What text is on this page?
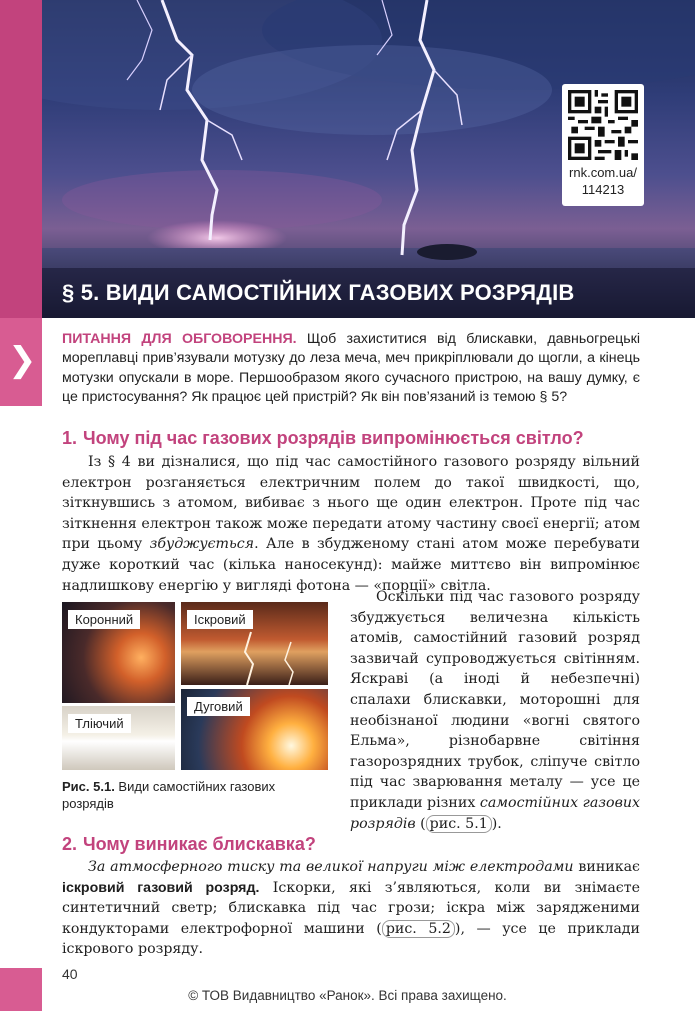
❯
rnk.com.ua/
114213
§ 5. ВИДИ САМОСТІЙНИХ ГАЗОВИХ РОЗРЯДІВ
ПИТАННЯ ДЛЯ ОБГОВОРЕННЯ. Щоб захиститися від блискавки, давньогрецькі мореплавці прив’язували мотузку до леза меча, меч прикріплювали до щогли, а кінець мотузки опускали в море. Першообразом якого сучасного пристрою, на вашу думку, є це пристосування? Як працює цей пристрій? Як він пов’язаний із темою § 5?
1. Чому під час газових розрядів випромінюється світло?
Із § 4 ви дізналися, що під час самостійного газового розряду вільний електрон розганяється електричним полем до такої швидкості, що, зіткнувшись з атомом, вибиває з нього ще один електрон. Проте під час зіткнення електрон також може передати атому частину своєї енергії; атом при цьому збуджується. Але в збудженому стані атом може перебувати дуже короткий час (кілька наносекунд): майже миттєво він випромінює надлишкову енергію у вигляді фотона — «порції» світла.
Коронний	Іскровий
Тліючий
Дуговий
Рис. 5.1. Види самостійних газових розрядів
Оскільки під час газового розряду збуджується величезна кількість атомів, самостійний газовий розряд зазвичай супроводжується світінням. Яскраві (а іноді й небезпечні) спалахи блискавки, моторошні для необізнаної людини «вогні святого Ельма», різнобарвне світіння газорозрядних трубок, сліпуче світло під час зварювання металу — усе це приклади різних самостійних газових розрядів ( рис. 5.1 ).
2. Чому виникає блискавка?
За атмосферного тиску та великої напруги між електродами виникає іскровий газовий розряд. Іскорки, які з’являються, коли ви знімаєте синтетичний светр; блискавка під час грози; іскра між зарядженими кондукторами електрофорної машини ( рис. 5.2 ), — усе це приклади іскрового розряду.
40
© ТОВ Видавництво «Ранок». Всі права захищено.
